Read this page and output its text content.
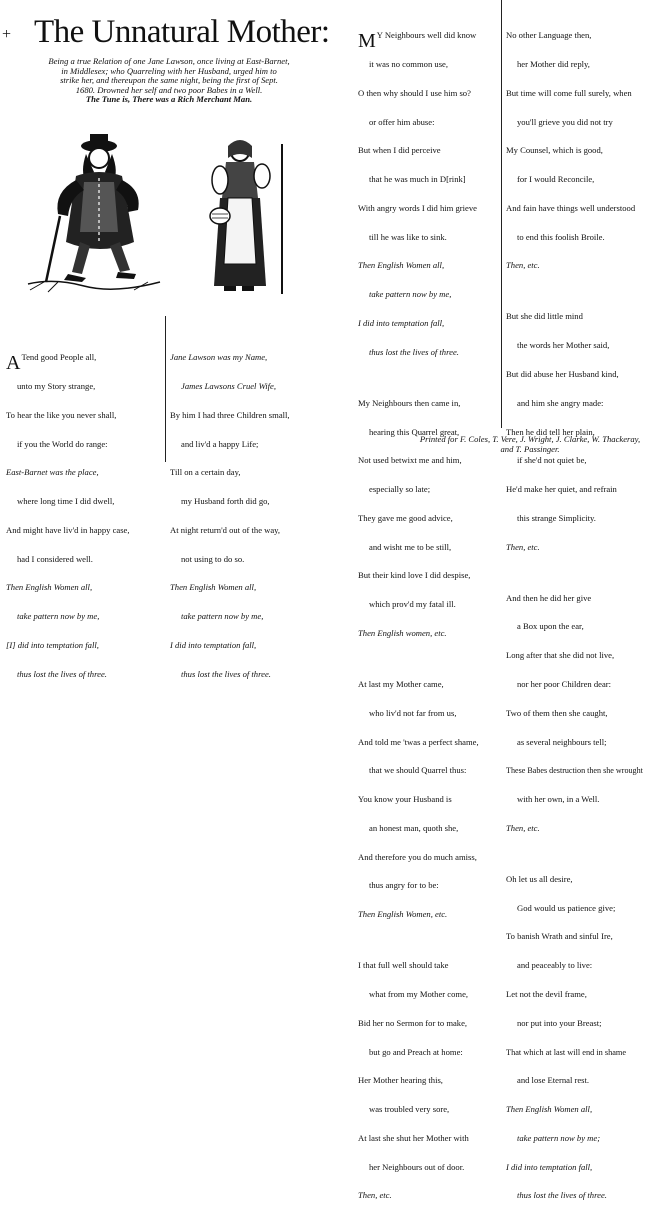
+ The Unnatural Mother:
Being a true Relation of one Jane Lawson, once living at East-Barnet,
in Middlesex; who Quarreling with her Husband, urged him to
strike her, and thereupon the same night, being the first of Sept.
1680. Drowned her self and two poor Babes in a Well.
The Tune is, There was a Rich Merchant Man.

A Tend good People all,

unto my Story strange,

To hear the like you never shall,

if you the World do range:

East-Barnet was the place,

where long time I did dwell,

And might have liv'd in happy case,

had I considered well.

Then English Women all,

take pattern now by me,

[I] did into temptation fall,

thus lost the lives of three.

Jane Lawson was my Name,

James Lawsons Cruel Wife,

By him I had three Children small,

and liv'd a happy Life;

Till on a certain day,

my Husband forth did go,

At night return'd out of the way,

not using to do so.

Then English Women all,

take pattern now by me,

I did into temptation fall,

thus lost the lives of three.

M Y Neighbours well did know

it was no common use,

O then why should I use him so?

or offer him abuse:

But when I did perceive

that he was much in D[rink]

With angry words I did him grieve

till he was like to sink.

Then English Women all,

take pattern now by me,

I did into temptation fall,

thus lost the lives of three.

My Neighbours then came in,

hearing this Quarrel great,

Not used betwixt me and him,

especially so late;

They gave me good advice,

and wisht me to be still,

But their kind love I did despise,

which prov'd my fatal ill.

Then English women, etc.

At last my Mother came,

who liv'd not far from us,

And told me 'twas a perfect shame,

that we should Quarrel thus:

You know your Husband is

an honest man, quoth she,

And therefore you do much amiss,

thus angry for to be:

Then English Women, etc.

I that full well should take

what from my Mother come,

Bid her no Sermon for to make,

but go and Preach at home:

Her Mother hearing this,

was troubled very sore,

At last she shut her Mother with

her Neighbours out of door.

Then, etc.

No other Language then,

her Mother did reply,

But time will come full surely, when

you'll grieve you did not try

My Counsel, which is good,

for I would Reconcile,

And fain have things well understood

to end this foolish Broile.

Then, etc.

But she did little mind

the words her Mother said,

But did abuse her Husband kind,

and him she angry made:

Then he did tell her plain,

if she'd not quiet be,

He'd make her quiet, and refrain

this strange Simplicity.

Then, etc.

And then he did her give

a Box upon the ear,

Long after that she did not live,

nor her poor Children dear:

Two of them then she caught,

as several neighbours tell;

These Babes destruction then she wrought

with her own, in a Well.

Then, etc.

Oh let us all desire,

God would us patience give;

To banish Wrath and sinful Ire,

and peaceably to live:

Let not the devil frame,

nor put into your Breast;

That which at last will end in shame

and lose Eternal rest.

Then English Women all,

take pattern now by me;

I did into temptation fall,

thus lost the lives of three.

Printed for F. Coles, T. Vere, J. Wright, J. Clarke, W. Thackeray,
and T. Passinger.
